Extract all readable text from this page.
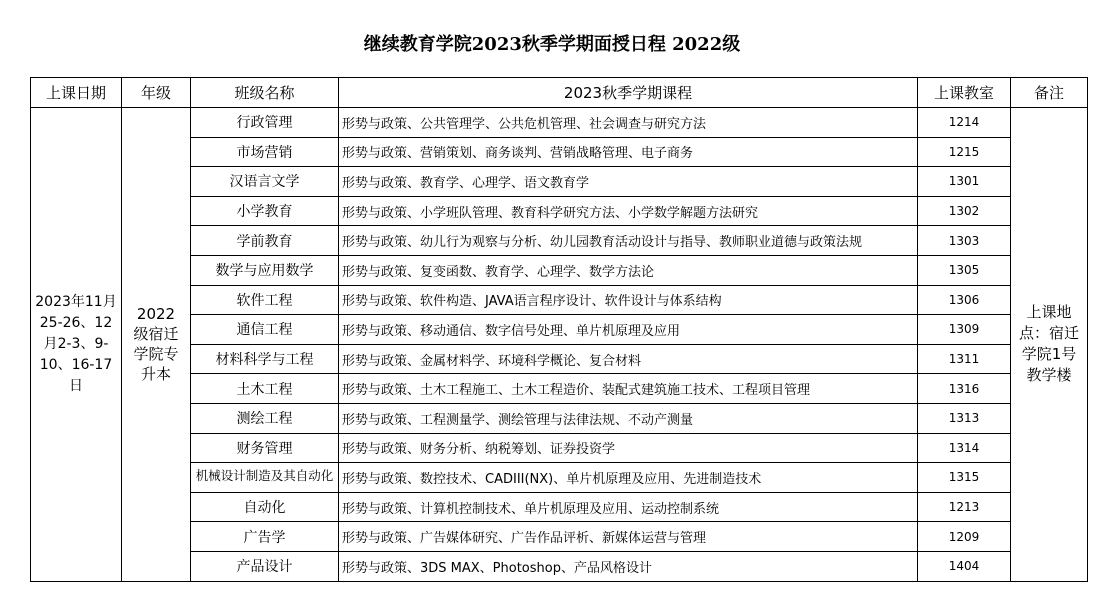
继续教育学院2023秋季学期面授日程 2022级
上课日期	年级	班级名称	2023秋季学期课程	上课教室	备注
2023年11月25-26、12月2-3、9-10、16-17日	2022级宿迁学院专升本	行政管理	形势与政策、公共管理学、公共危机管理、社会调查与研究方法	1214	上课地点：宿迁学院1号教学楼
		市场营销	形势与政策、营销策划、商务谈判、营销战略管理、电子商务	1215	
		汉语言文学	形势与政策、教育学、心理学、语文教育学	1301	
		小学教育	形势与政策、小学班队管理、教育科学研究方法、小学数学解题方法研究	1302	
		学前教育	形势与政策、幼儿行为观察与分析、幼儿园教育活动设计与指导、教师职业道德与政策法规	1303	
		数学与应用数学	形势与政策、复变函数、教育学、心理学、数学方法论	1305	
		软件工程	形势与政策、软件构造、JAVA语言程序设计、软件设计与体系结构	1306	
		通信工程	形势与政策、移动通信、数字信号处理、单片机原理及应用	1309	
		材料科学与工程	形势与政策、金属材料学、环境科学概论、复合材料	1311	
		土木工程	形势与政策、土木工程施工、土木工程造价、装配式建筑施工技术、工程项目管理	1316	
		测绘工程	形势与政策、工程测量学、测绘管理与法律法规、不动产测量	1313	
		财务管理	形势与政策、财务分析、纳税筹划、证券投资学	1314	

		机械设计制造及其自动化	形势与政策、数控技术、CADIII(NX)、单片机原理及应用、先进制造技术	1315	
		自动化	形势与政策、计算机控制技术、单片机原理及应用、运动控制系统	1213	
		广告学	形势与政策、广告媒体研究、广告作品评析、新媒体运营与管理	1209	
		产品设计	形势与政策、3DS MAX、Photoshop、产品风格设计	1404	
